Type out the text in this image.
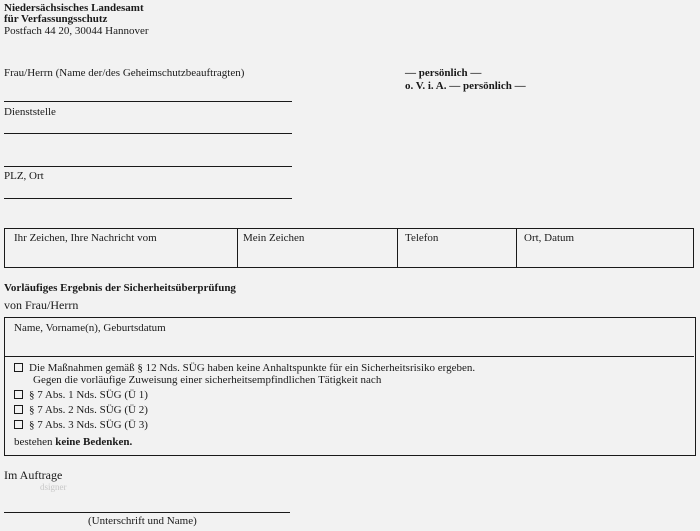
Niedersächsisches Landesamt
für Verfassungsschutz
Postfach 44 20, 30044 Hannover
Frau/Herrn (Name der/des Geheimschutzbeauftragten)
Dienststelle
PLZ, Ort
— persönlich —
o. V. i. A. — persönlich —
Ihr Zeichen, Ihre Nachricht vom	Mein Zeichen	Telefon	Ort, Datum
Vorläufiges Ergebnis der Sicherheitsüberprüfung
von Frau/Herrn
Name, Vorname(n), Geburtsdatum
Die Maßnahmen gemäß § 12 Nds. SÜG haben keine Anhaltspunkte für ein Sicherheitsrisiko ergeben.
Gegen die vorläufige Zuweisung einer sicherheitsempfindlichen Tätigkeit nach
§ 7 Abs. 1 Nds. SÜG (Ü 1)
§ 7 Abs. 2 Nds. SÜG (Ü 2)
§ 7 Abs. 3 Nds. SÜG (Ü 3)
bestehen keine Bedenken.
Im Auftrage
dsigner
(Unterschrift und Name)
